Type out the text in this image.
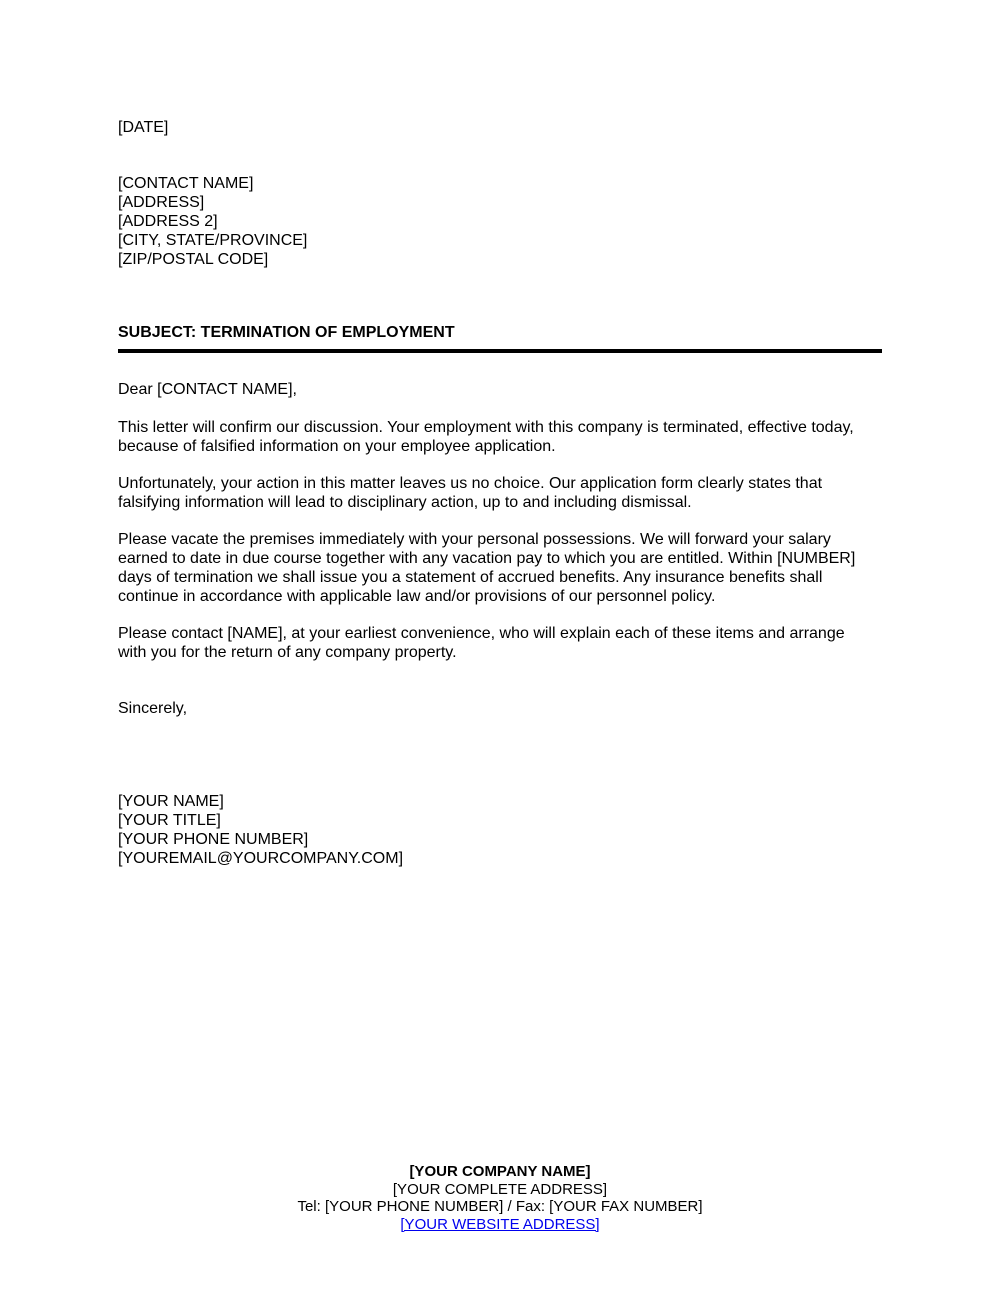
[DATE]
[CONTACT NAME]
[ADDRESS]
[ADDRESS 2]
[CITY, STATE/PROVINCE]
[ZIP/POSTAL CODE]
SUBJECT: TERMINATION OF EMPLOYMENT
Dear [CONTACT NAME],
This letter will confirm our discussion. Your employment with this company is terminated, effective today,
because of falsified information on your employee application.
Unfortunately, your action in this matter leaves us no choice. Our application form clearly states that
falsifying information will lead to disciplinary action, up to and including dismissal.
Please vacate the premises immediately with your personal possessions. We will forward your salary
earned to date in due course together with any vacation pay to which you are entitled. Within [NUMBER]
days of termination we shall issue you a statement of accrued benefits. Any insurance benefits shall
continue in accordance with applicable law and/or provisions of our personnel policy.
Please contact [NAME], at your earliest convenience, who will explain each of these items and arrange
with you for the return of any company property.
Sincerely,
[YOUR NAME]
[YOUR TITLE]
[YOUR PHONE NUMBER]
[YOUREMAIL@YOURCOMPANY.COM]
[YOUR COMPANY NAME]
[YOUR COMPLETE ADDRESS]
Tel: [YOUR PHONE NUMBER] / Fax: [YOUR FAX NUMBER]
[YOUR WEBSITE ADDRESS]
